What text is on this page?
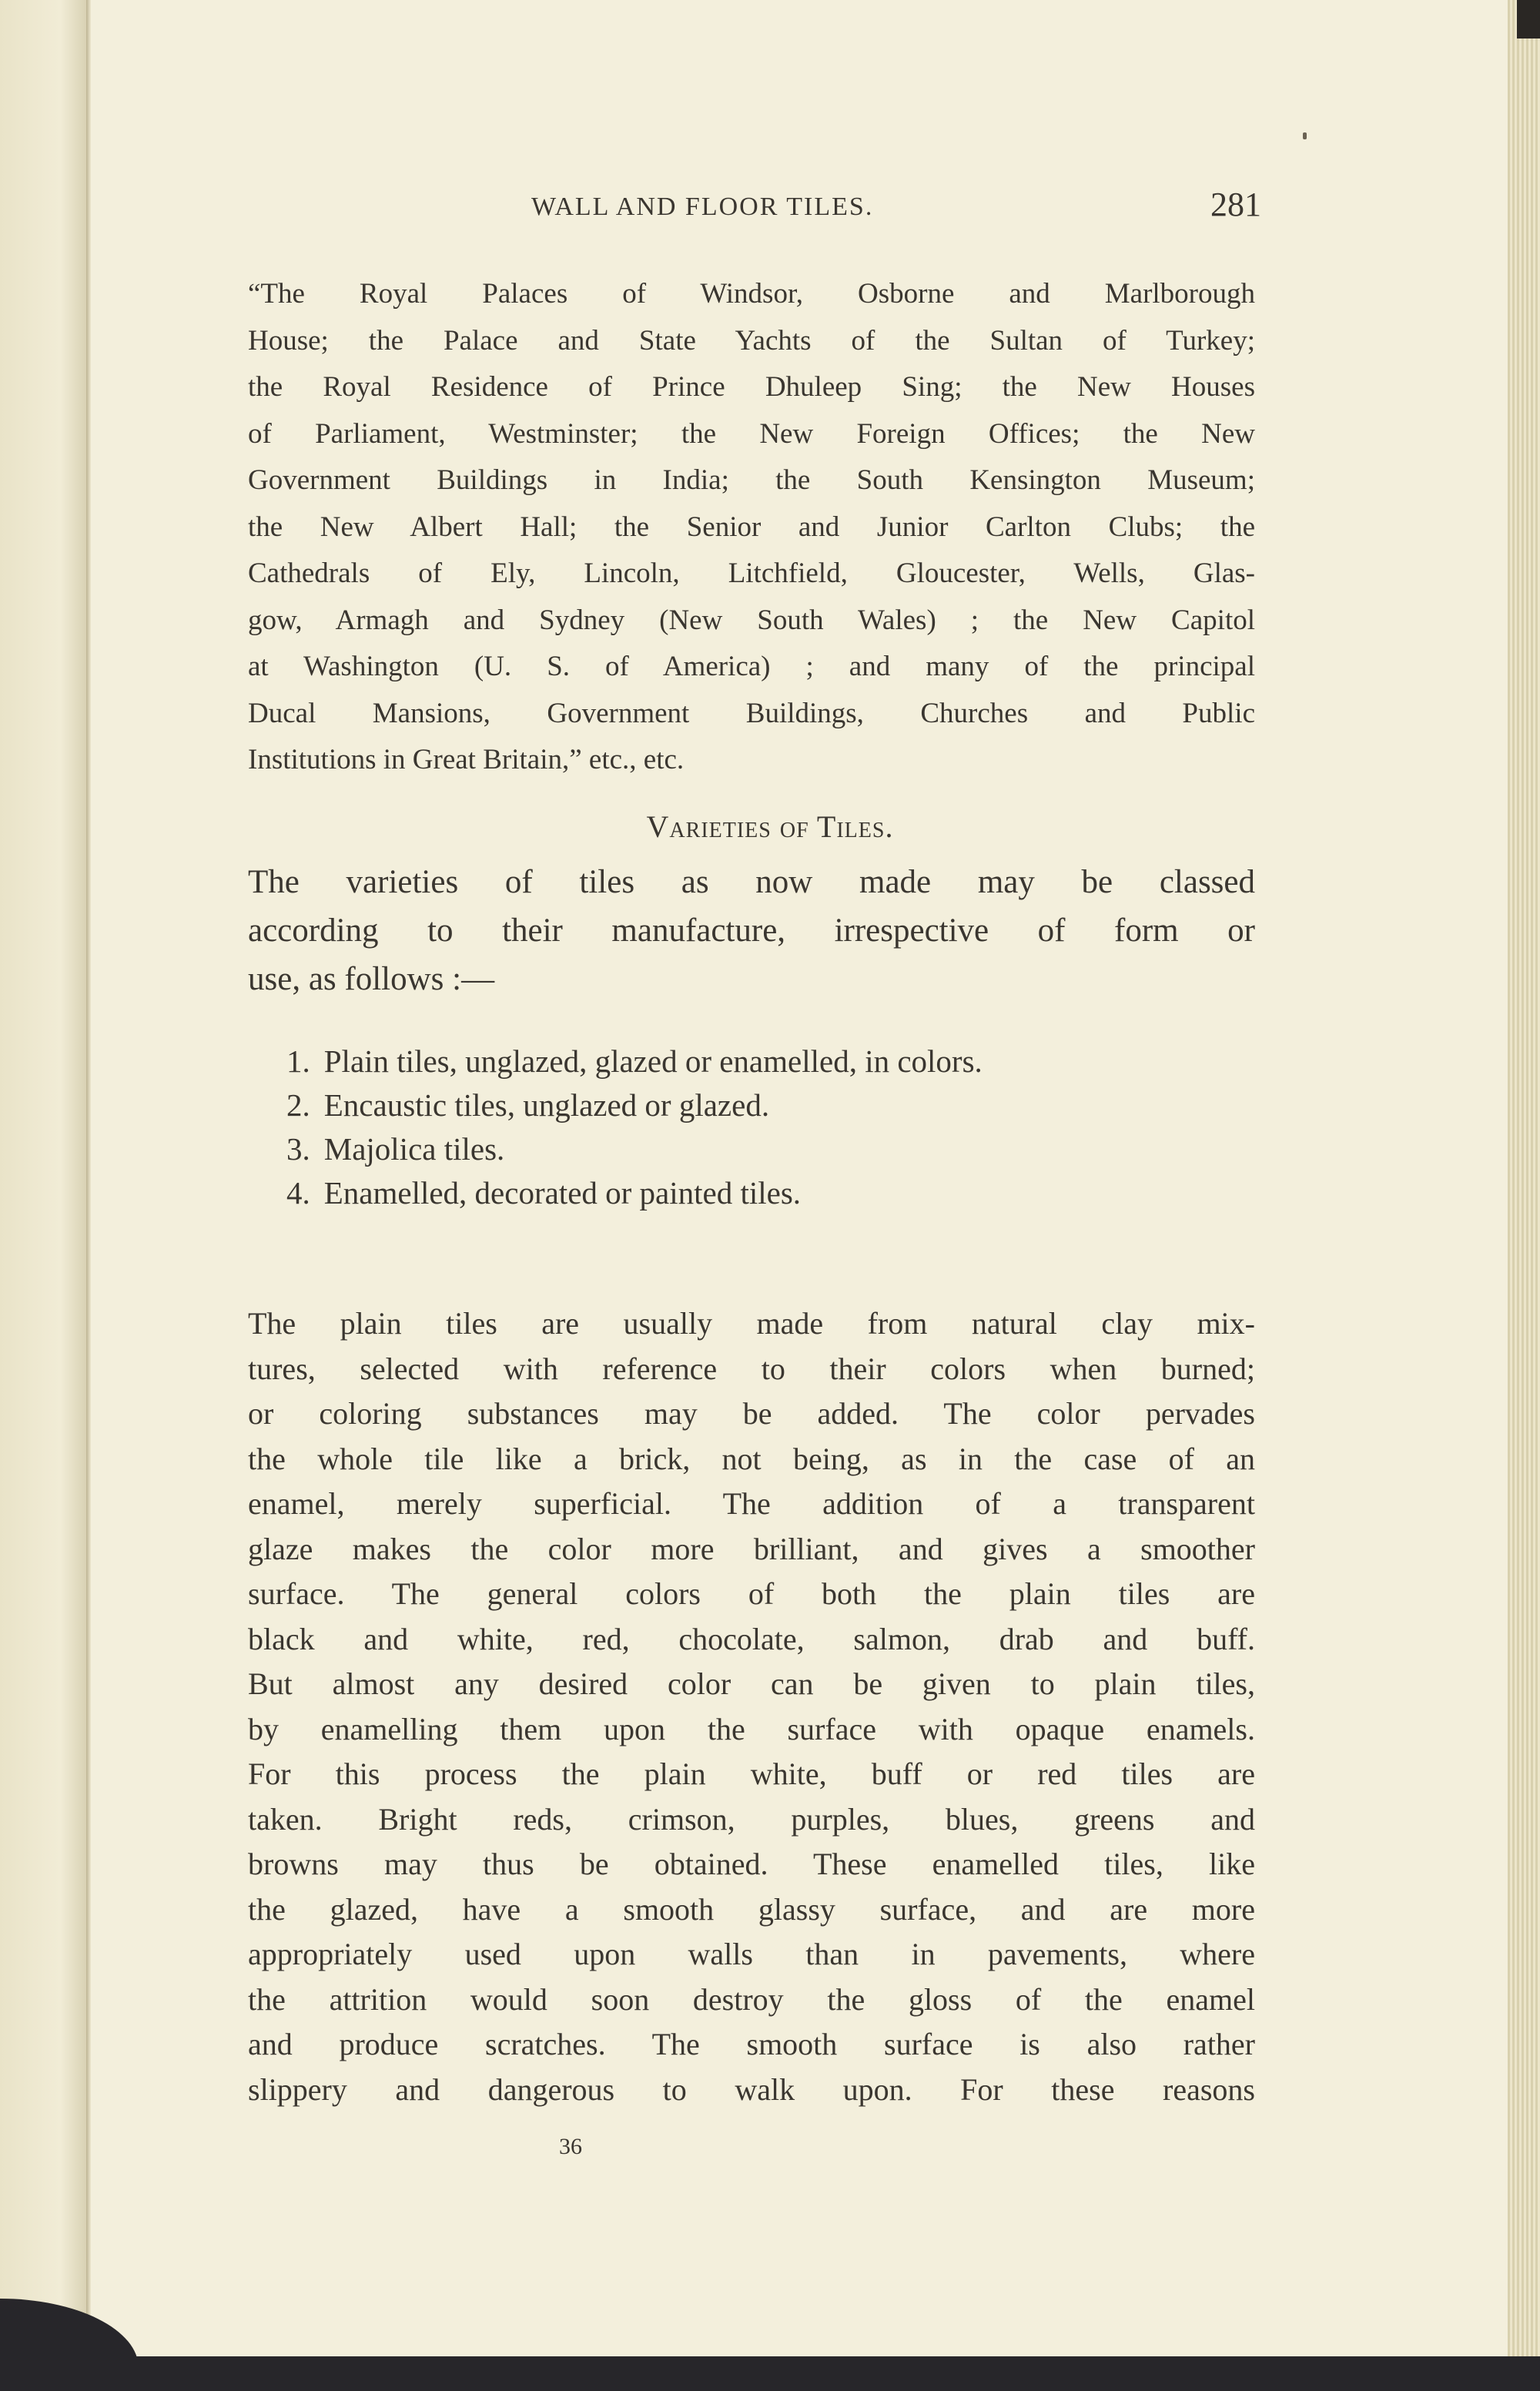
WALL AND FLOOR TILES.	281
“The Royal Palaces of Windsor, Osborne and Marlborough
House; the Palace and State Yachts of the Sultan of Turkey;
the Royal Residence of Prince Dhuleep Sing; the New Houses
of Parliament, Westminster; the New Foreign Offices; the New
Government Buildings in India; the South Kensington Museum;
the New Albert Hall; the Senior and Junior Carlton Clubs; the
Cathedrals of Ely, Lincoln, Litchfield, Gloucester, Wells, Glas-
gow, Armagh and Sydney (New South Wales) ; the New Capitol
at Washington (U. S. of America) ; and many of the principal
Ducal Mansions, Government Buildings, Churches and Public
Institutions in Great Britain,” etc., etc.
Varieties of Tiles.
The varieties of tiles as now made may be classed
according to their manufacture, irrespective of form or
use, as follows :—
1. Plain tiles, unglazed, glazed or enamelled, in colors.
2. Encaustic tiles, unglazed or glazed.
3. Majolica tiles.
4. Enamelled, decorated or painted tiles.
The plain tiles are usually made from natural clay mix-
tures, selected with reference to their colors when burned;
or coloring substances may be added. The color pervades
the whole tile like a brick, not being, as in the case of an
enamel, merely superficial. The addition of a transparent
glaze makes the color more brilliant, and gives a smoother
surface. The general colors of both the plain tiles are
black and white, red, chocolate, salmon, drab and buff.
But almost any desired color can be given to plain tiles,
by enamelling them upon the surface with opaque enamels.
For this process the plain white, buff or red tiles are
taken. Bright reds, crimson, purples, blues, greens and
browns may thus be obtained. These enamelled tiles, like
the glazed, have a smooth glassy surface, and are more
appropriately used upon walls than in pavements, where
the attrition would soon destroy the gloss of the enamel
and produce scratches. The smooth surface is also rather
slippery and dangerous to walk upon. For these reasons
36
